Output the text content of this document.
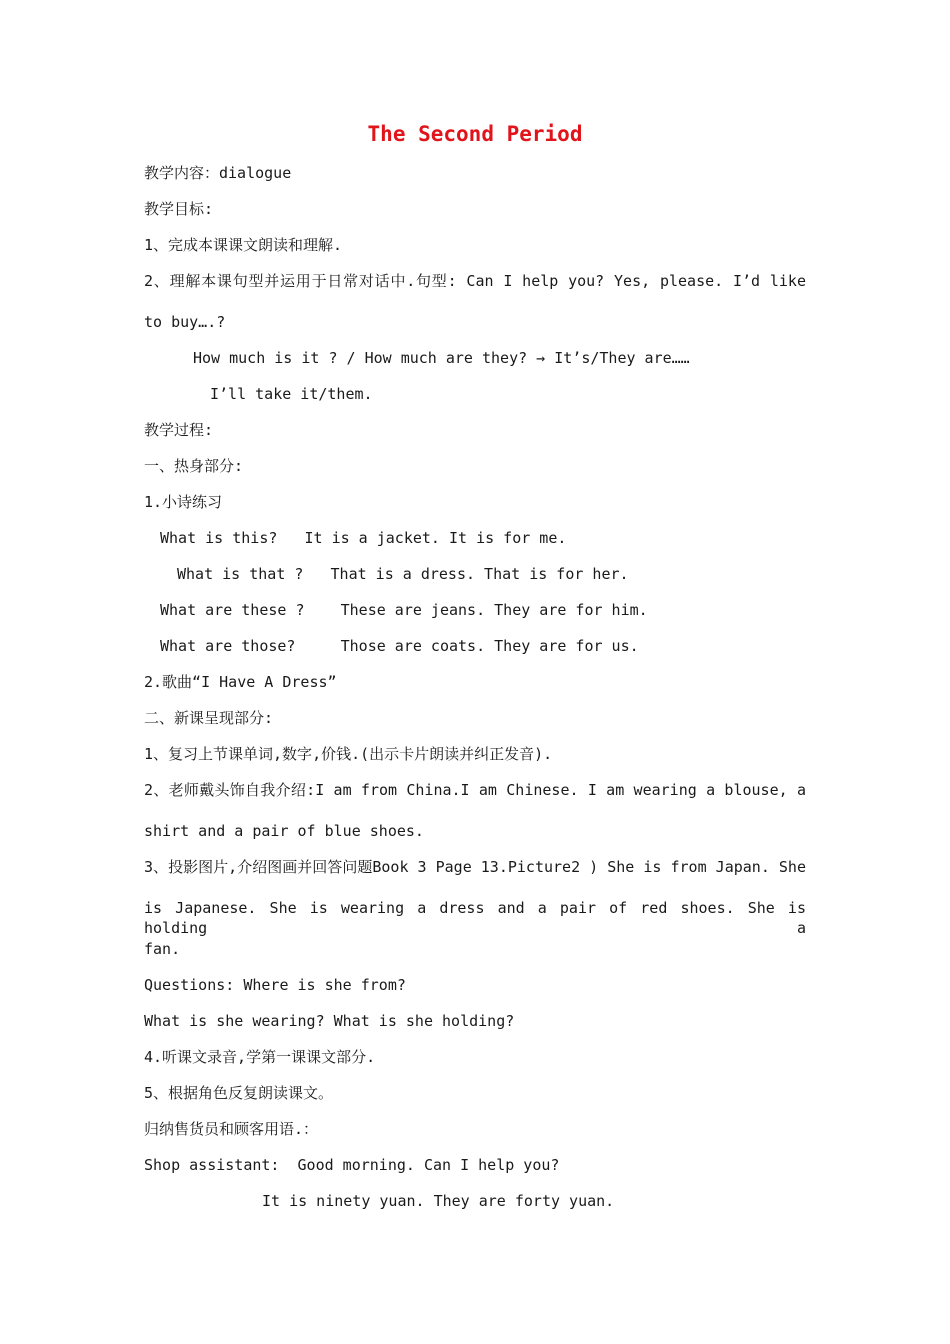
The Second Period
教学内容：dialogue
教学目标:
1、完成本课课文朗读和理解.
2、理解本课句型并运用于日常对话中.句型: Can I help you? Yes, please. I’d like
to buy….?
How much is it ? / How much are they? → It’s/They are……
I’ll take it/them.
教学过程:
一、热身部分:
1.小诗练习
What is this?   It is a jacket. It is for me.
What is that ?   That is a dress. That is for her.
What are these ?    These are jeans. They are for him.
What are those?     Those are coats. They are for us.
2.歌曲“I Have A Dress”
二、新课呈现部分:
1、复习上节课单词,数字,价钱.(出示卡片朗读并纠正发音).
2、老师戴头饰自我介绍:I am from China.I am Chinese. I am wearing a blouse, a
shirt and a pair of blue shoes.
3、投影图片,介绍图画并回答问题Book 3 Page 13.Picture2 ) She is from Japan. She
is Japanese. She is wearing a dress and a pair of red shoes. She is holding a
fan.
Questions: Where is she from?
What is she wearing? What is she holding?
4.听课文录音,学第一课课文部分.
5、根据角色反复朗读课文。
归纳售货员和顾客用语.：
Shop assistant:  Good morning. Can I help you?
It is ninety yuan. They are forty yuan.
